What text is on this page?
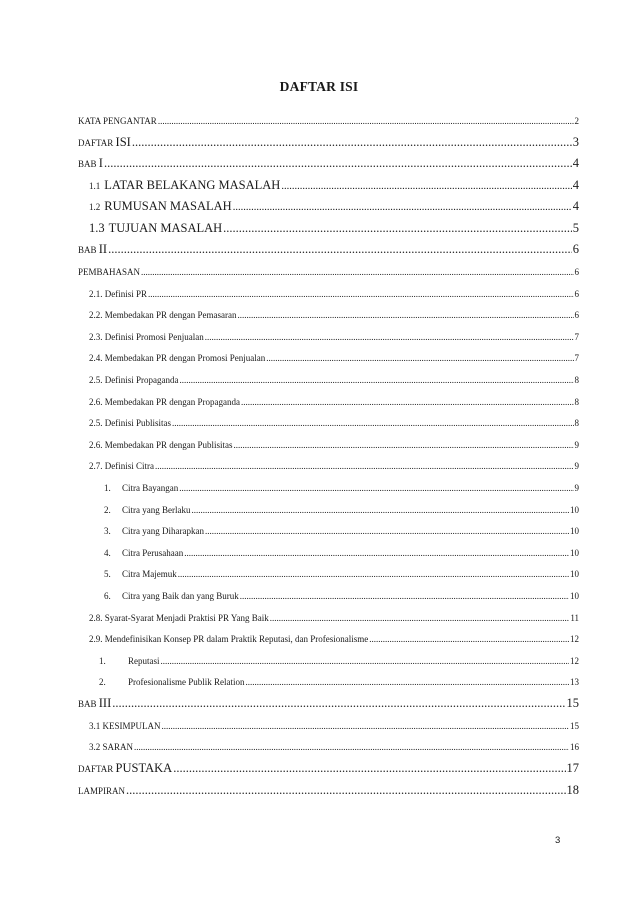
DAFTAR ISI
KATA PENGANTAR .....	2
DAFTAR ISI .....	3
BAB I .....	4
1.1 LATAR BELAKANG MASALAH .....	4
1.2 RUMUSAN MASALAH .....	4
1.3 TUJUAN MASALAH .....	5
BAB II .....	6
PEMBAHASAN .....	6
2.1. Definisi PR .....	6
2.2. Membedakan PR dengan Pemasaran .....	6
2.3. Definisi Promosi Penjualan .....	7
2.4. Membedakan PR dengan Promosi Penjualan .....	7
2.5. Definisi Propaganda .....	8
2.6. Membedakan PR dengan Propaganda .....	8
2.5. Definisi Publisitas .....	8
2.6. Membedakan PR dengan Publisitas .....	9
2.7. Definisi Citra .....	9
1. Citra Bayangan .....	9
2. Citra yang Berlaku .....	10
3. Citra yang Diharapkan .....	10
4. Citra Perusahaan .....	10
5. Citra Majemuk .....	10
6. Citra yang Baik dan yang Buruk .....	10
2.8. Syarat-Syarat Menjadi Praktisi PR Yang Baik .....	11
2.9. Mendefinisikan Konsep PR dalam Praktik Reputasi, dan Profesionalisme .....	12
1. Reputasi .....	12
2. Profesionalisme Publik Relation .....	13
BAB III .....	15
3.1 KESIMPULAN .....	15
3.2 SARAN .....	16
DAFTAR PUSTAKA .....	17
LAMPIRAN .....	18
3
